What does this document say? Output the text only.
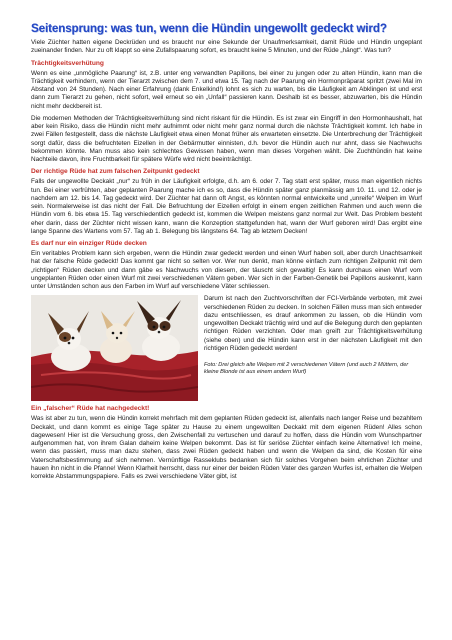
Seitensprung: was tun, wenn die Hündin ungewollt gedeckt wird?

Viele Züchter hatten eigene Deckrüden und es braucht nur eine Sekunde der Unaufmerksamkeit, damit Rüde und Hündin ungeplant zueinander finden. Nur zu oft klappt so eine Zufallspaarung sofort, es braucht keine 5 Minuten, und der Rüde „hängt“. Was tun?

Trächtigkeitsverhütung

Wenn es eine „unmögliche Paarung“ ist, z.B. unter eng verwandten Papillons, bei einer zu jungen oder zu alten Hündin, kann man die Trächtigkeit verhindern, wenn der Tierarzt zwischen dem 7. und etwa 15. Tag nach der Paarung ein Hormonpräparat spritzt (zwei Mal im Abstand von 24 Stunden). Nach einer Erfahrung (dank Enkelkind!) lohnt es sich zu warten, bis die Läufigkeit am Abklingen ist und erst dann zum Tierarzt zu gehen, nicht sofort, weil erneut so ein „Unfall“ passieren kann. Deshalb ist es besser, abzuwarten, bis die Hündin nicht mehr deckbereit ist.

Die modernen Methoden der Trächtigkeitsverhütung sind nicht riskant für die Hündin. Es ist zwar ein Eingriff in den Hormonhaushalt, hat aber kein Risiko, dass die Hündin nicht mehr aufnimmt oder nicht mehr ganz normal durch die nächste Trächtigkeit kommt. Ich habe in zwei Fällen festgestellt, dass die nächste Läufigkeit etwa einen Monat früher als erwarteten einsetzte. Die Unterbrechung der Trächtigkeit sorgt dafür, dass die befruchteten Eizellen in der Gebärmutter einnisten, d.h. bevor die Hündin auch nur ahnt, dass sie Nachwuchs bekommen könnte. Man muss also kein schlechtes Gewissen haben, wenn man dieses Vorgehen wählt. Die Zuchthündin hat keine Nachteile davon, ihre Fruchtbarkeit für spätere Würfe wird nicht beeinträchtigt.

Der richtige Rüde hat zum falschen Zeitpunkt gedeckt

Falls der ungewollte Deckakt „nur“ zu früh in der Läufigkeit erfolgte, d.h. am 6. oder 7. Tag statt erst später, muss man eigentlich nichts tun. Bei einer verfrühten, aber geplanten Paarung mache ich es so, dass die Hündin später ganz planmässig am 10. 11. und 12. oder je nachdem am 12. bis 14. Tag gedeckt wird. Der Züchter hat dann oft Angst, es könnten normal entwickelte und „unreife“ Welpen im Wurf sein. Normalerweise ist das nicht der Fall. Die Befruchtung der Eizellen erfolgt in einem engen zeitlichen Rahmen und auch wenn die Hündin vom 6. bis etwa 15. Tag verschiedentlich gedeckt ist, kommen die Welpen meistens ganz normal zur Welt. Das Problem besteht eher darin, dass der Züchter nicht wissen kann, wann die Konzeption stattgefunden hat, wann der Wurf geboren wird! Das ergibt eine lange Spanne des Wartens vom 57. Tag ab 1. Belegung bis längstens 64. Tag ab letztem Decken!

Es darf nur ein einziger Rüde decken

Ein veritables Problem kann sich ergeben, wenn die Hündin zwar gedeckt werden und einen Wurf haben soll, aber durch Unachtsamkeit hat der falsche Rüde gedeckt! Das kommt gar nicht so selten vor. Wer nun denkt, man könne einfach zum richtigen Zeitpunkt mit dem „richtigen“ Rüden decken und dann gäbe es Nachwuchs von diesem, der täuscht sich gewaltig! Es kann durchaus einen Wurf vom ungeplanten Rüden oder einen Wurf mit zwei verschiedenen Vätern geben. Wer sich in der Farben-Genetik bei Papillons auskennt, kann unter Umständen schon aus den Farben im Wurf auf verschiedene Väter schliessen.

Darum ist nach den Zuchtvorschriften der FCI-Verbände verboten, mit zwei verschiedenen Rüden zu decken. In solchen Fällen muss man sich entweder dazu entschliessen, es drauf ankommen zu lassen, ob die Hündin vom ungewollten Deckakt trächtig wird und auf die Belegung durch den geplanten richtigen Rüden verzichten. Oder man greift zur Trächtigkeitsverhütung (siehe oben) und die Hündin kann erst in der nächsten Läufigkeit mit den richtigen Rüden gedeckt werden!

Foto: Drei gleich alte Welpen mit 2 verschiedenen Vätern (und auch 2 Müttern, der kleine Blonde ist aus einem andern Wurf)

Ein „falscher“ Rüde hat nachgedeckt!

Was ist aber zu tun, wenn die Hündin korrekt mehrfach mit dem geplanten Rüden gedeckt ist, allenfalls nach langer Reise und bezahltem Deckakt, und dann kommt es einige Tage später zu Hause zu einem ungewollten Deckakt mit dem eigenen Rüden! Alles schon dagewesen! Hier ist die Versuchung gross, den Zwischenfall zu vertuschen und darauf zu hoffen, dass die Hündin vom Wunschpartner aufgenommen hat, von ihrem Galan daheim keine Welpen bekommt. Das ist für seriöse Züchter einfach keine Alternative! Ich meine, wenn das passiert, muss man dazu stehen, dass zwei Rüden gedeckt haben und wenn die Welpen da sind, die Kosten für eine Vaterschaftsbestimmung auf sich nehmen. Vernünftige Rasseklubs bedanken sich für solches Vorgehen beim ehrlichen Züchter und hauen ihn nicht in die Pfanne! Wenn Klarheit herrscht, dass nur einer der beiden Rüden Vater des ganzen Wurfes ist, erhalten die Welpen korrekte Abstammungspapiere. Falls es zwei verschiedene Väter gibt, ist
